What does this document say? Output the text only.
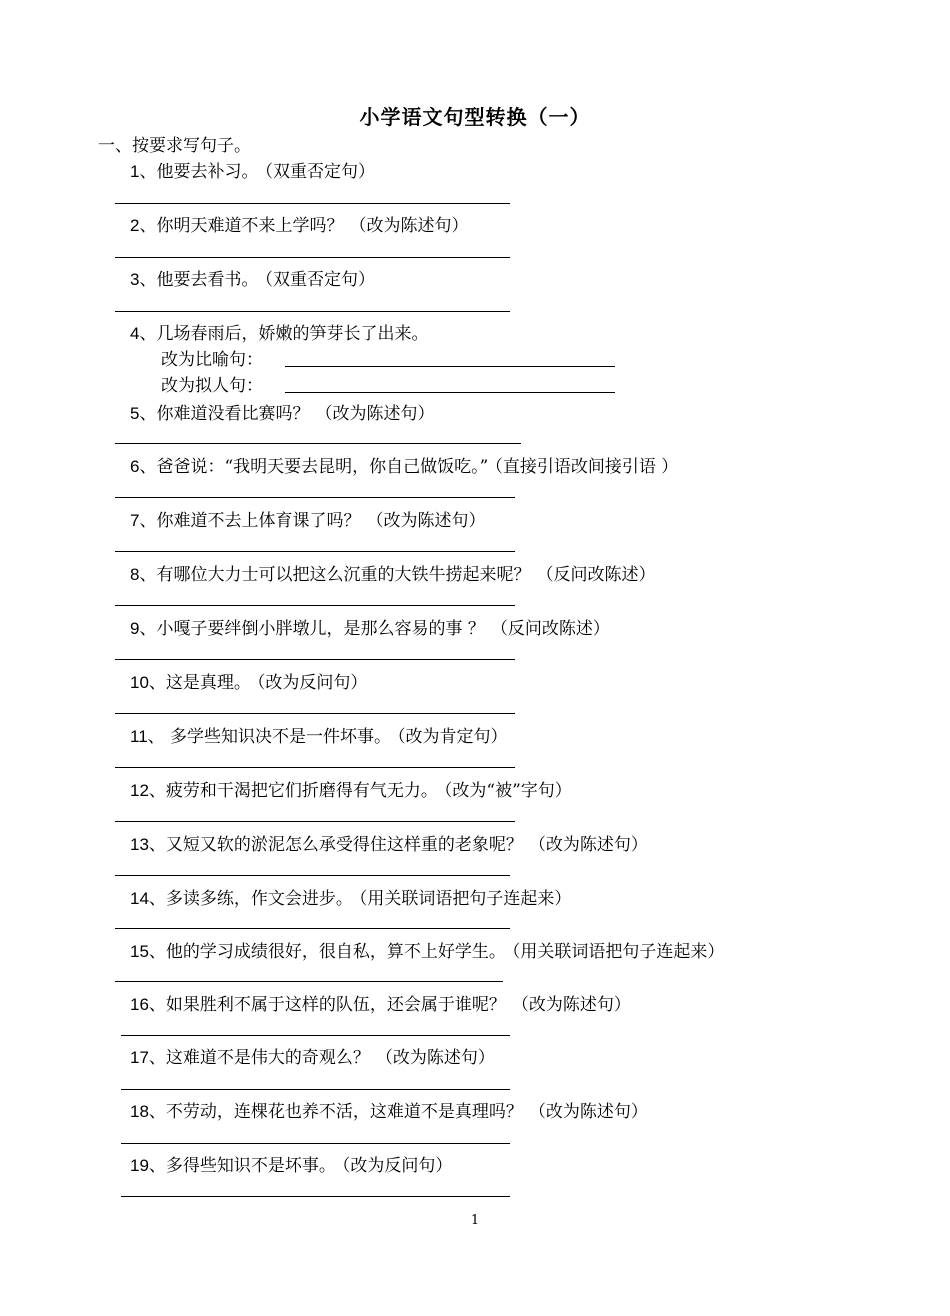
小学语文句型转换（一）
一、按要求写句子。
1、他要去补习。 （双重否定句）
2、你明天难道不来上学吗？ （改为陈述句）
3、他要去看书。 （双重否定句）
4、几场春雨后，娇嫩的笋芽长了出来。
改为比喻句：
改为拟人句：
5、你难道没看比赛吗？ （改为陈述句）
6、爸爸说：“我明天要去昆明，你自己做饭吃。” （直接引语改间接引语 ）
7、你难道不去上体育课了吗？ （改为陈述句）
8、有哪位大力士可以把这么沉重的大铁牛捞起来呢？ （反问改陈述）
9、小嘎子要绊倒小胖墩儿，是那么容易的事 ？ （反问改陈述）
10、这是真理。 （改为反问句）
11、 多学些知识决不是一件坏事。 （改为肯定句）
12、疲劳和干渴把它们折磨得有气无力。 （改为“被”字句）
13、又短又软的淤泥怎么承受得住这样重的老象呢？ （改为陈述句）
14、多读多练，作文会进步。 （用关联词语把句子连起来）
15、他的学习成绩很好，很自私，算不上好学生。 （用关联词语把句子连起来）
16、如果胜利不属于这样的队伍，还会属于谁呢？ （改为陈述句）
17、这难道不是伟大的奇观么？ （改为陈述句）
18、不劳动，连棵花也养不活，这难道不是真理吗？ （改为陈述句）
19、多得些知识不是坏事。 （改为反问句）
1
